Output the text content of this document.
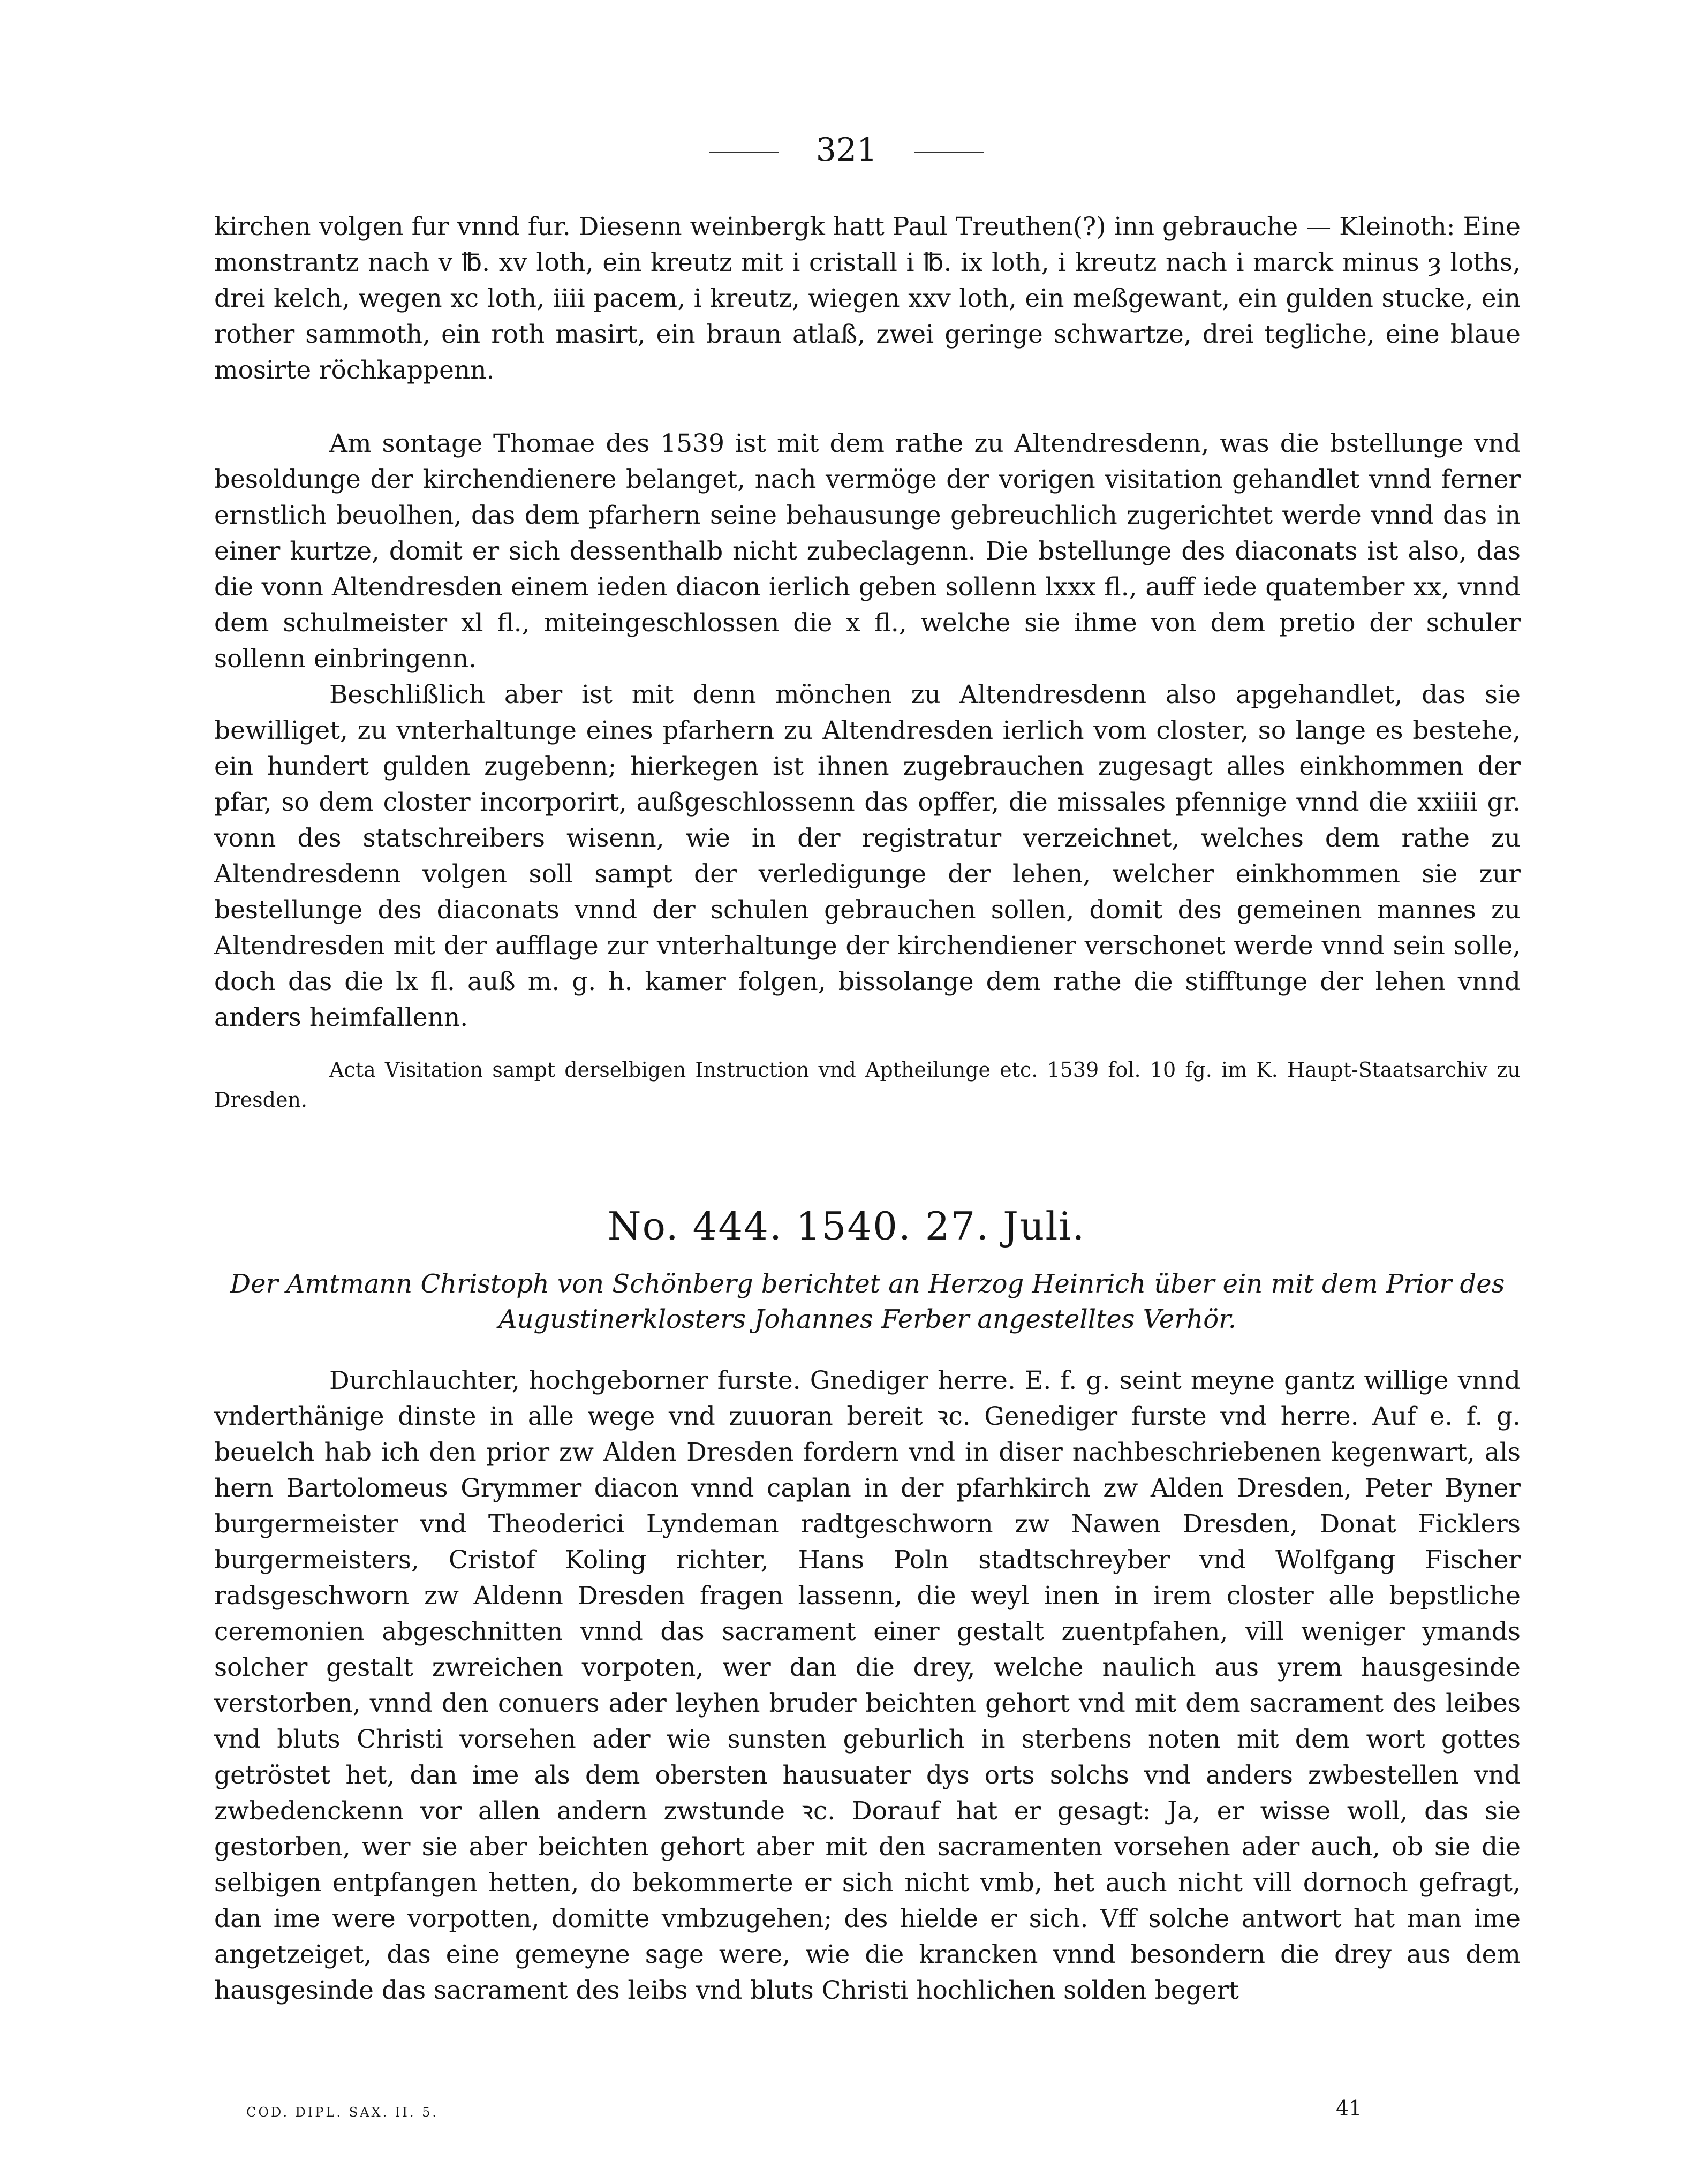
321

kirchen volgen fur vnnd fur. Diesenn weinbergk hatt Paul Treuthen(?) inn gebrauche — Kleinoth: Eine monstrantz nach v ℔. xv loth, ein kreutz mit i cristall i ℔. ix loth, i kreutz nach i marck minus ȝ loths, drei kelch, wegen xc loth, iiii pacem, i kreutz, wiegen xxv loth, ein meßgewant, ein gulden stucke, ein rother sammoth, ein roth masirt, ein braun atlaß, zwei geringe schwartze, drei tegliche, eine blaue mosirte röchkappenn.

Am sontage Thomae des 1539 ist mit dem rathe zu Altendresdenn, was die bstellunge vnd besoldunge der kirchendienere belanget, nach vermöge der vorigen visitation gehandlet vnnd ferner ernstlich beuolhen, das dem pfarhern seine behausunge gebreuchlich zugerichtet werde vnnd das in einer kurtze, domit er sich dessenthalb nicht zubeclagenn. Die bstellunge des diaconats ist also, das die vonn Altendresden einem ieden diacon ierlich geben sollenn lxxx fl., auff iede quatember xx, vnnd dem schulmeister xl fl., miteingeschlossen die x fl., welche sie ihme von dem pretio der schuler sollenn einbringenn.

Beschlißlich aber ist mit denn mönchen zu Altendresdenn also apgehandlet, das sie bewilliget, zu vnterhaltunge eines pfarhern zu Altendresden ierlich vom closter, so lange es bestehe, ein hundert gulden zugebenn; hierkegen ist ihnen zugebrauchen zugesagt alles einkhommen der pfar, so dem closter incorporirt, außgeschlossenn das opffer, die missales pfennige vnnd die xxiiii gr. vonn des statschreibers wisenn, wie in der registratur verzeichnet, welches dem rathe zu Altendresdenn volgen soll sampt der verledigunge der lehen, welcher einkhommen sie zur bestellunge des diaconats vnnd der schulen gebrauchen sollen, domit des gemeinen mannes zu Altendresden mit der aufflage zur vnterhaltunge der kirchendiener verschonet werde vnnd sein solle, doch das die lx fl. auß m. g. h. kamer folgen, bissolange dem rathe die stifftunge der lehen vnnd anders heimfallenn.

Acta Visitation sampt derselbigen Instruction vnd Aptheilunge etc. 1539 fol. 10 fg. im K. Haupt-Staatsarchiv zu Dresden.
No. 444. 1540. 27. Juli.
Der Amtmann Christoph von Schönberg berichtet an Herzog Heinrich über ein mit dem Prior des Augustinerklosters Johannes Ferber angestelltes Verhör.

Durchlauchter, hochgeborner furste. Gnediger herre. E. f. g. seint meyne gantz willige vnnd vnderthänige dinste in alle wege vnd zuuoran bereit ꝛc. Genediger furste vnd herre. Auf e. f. g. beuelch hab ich den prior zw Alden Dresden fordern vnd in diser nachbeschriebenen kegenwart, als hern Bartolomeus Grymmer diacon vnnd caplan in der pfarhkirch zw Alden Dresden, Peter Byner burgermeister vnd Theoderici Lyndeman radtgeschworn zw Nawen Dresden, Donat Ficklers burgermeisters, Cristof Koling richter, Hans Poln stadtschreyber vnd Wolfgang Fischer radsgeschworn zw Aldenn Dresden fragen lassenn, die weyl inen in irem closter alle bepstliche ceremonien abgeschnitten vnnd das sacrament einer gestalt zuentpfahen, vill weniger ymands solcher gestalt zwreichen vorpoten, wer dan die drey, welche naulich aus yrem hausgesinde verstorben, vnnd den conuers ader leyhen bruder beichten gehort vnd mit dem sacrament des leibes vnd bluts Christi vorsehen ader wie sunsten geburlich in sterbens noten mit dem wort gottes getröstet het, dan ime als dem obersten hausuater dys orts solchs vnd anders zwbestellen vnd zwbedenckenn vor allen andern zwstunde ꝛc. Dorauf hat er gesagt: Ja, er wisse woll, das sie gestorben, wer sie aber beichten gehort aber mit den sacramenten vorsehen ader auch, ob sie die selbigen entpfangen hetten, do bekommerte er sich nicht vmb, het auch nicht vill dornoch gefragt, dan ime were vorpotten, domitte vmbzugehen; des hielde er sich. Vff solche antwort hat man ime angetzeiget, das eine gemeyne sage were, wie die krancken vnnd besondern die drey aus dem hausgesinde das sacrament des leibs vnd bluts Christi hochlichen solden begert

COD. DIPL. SAX. II. 5.	41
